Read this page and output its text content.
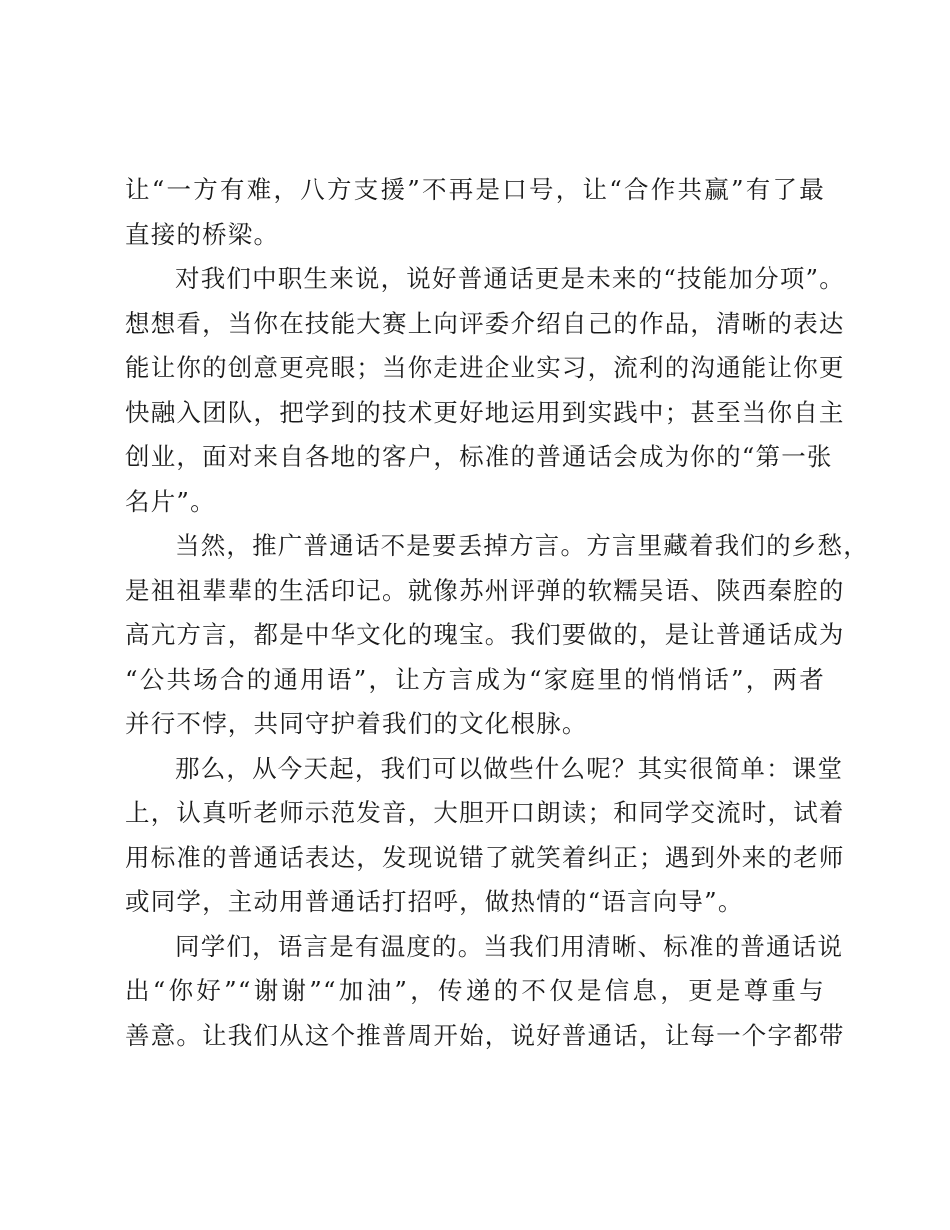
让“一方有难，八方支援”不再是口号，让“合作共赢”有了最
直接的桥梁。
对我们中职生来说，说好普通话更是未来的“技能加分项”。
想想看，当你在技能大赛上向评委介绍自己的作品，清晰的表达
能让你的创意更亮眼；当你走进企业实习，流利的沟通能让你更
快融入团队，把学到的技术更好地运用到实践中；甚至当你自主
创业，面对来自各地的客户，标准的普通话会成为你的“第一张
名片”。
当然，推广普通话不是要丢掉方言。方言里藏着我们的乡愁，
是祖祖辈辈的生活印记。就像苏州评弹的软糯吴语、陕西秦腔的
高亢方言，都是中华文化的瑰宝。我们要做的，是让普通话成为
“公共场合的通用语”，让方言成为“家庭里的悄悄话”，两者
并行不悖，共同守护着我们的文化根脉。
那么，从今天起，我们可以做些什么呢？其实很简单：课堂
上，认真听老师示范发音，大胆开口朗读；和同学交流时，试着
用标准的普通话表达，发现说错了就笑着纠正；遇到外来的老师
或同学，主动用普通话打招呼，做热情的“语言向导”。
同学们，语言是有温度的。当我们用清晰、标准的普通话说
出“你好”“谢谢”“加油”，传递的不仅是信息，更是尊重与
善意。让我们从这个推普周开始，说好普通话，让每一个字都带
